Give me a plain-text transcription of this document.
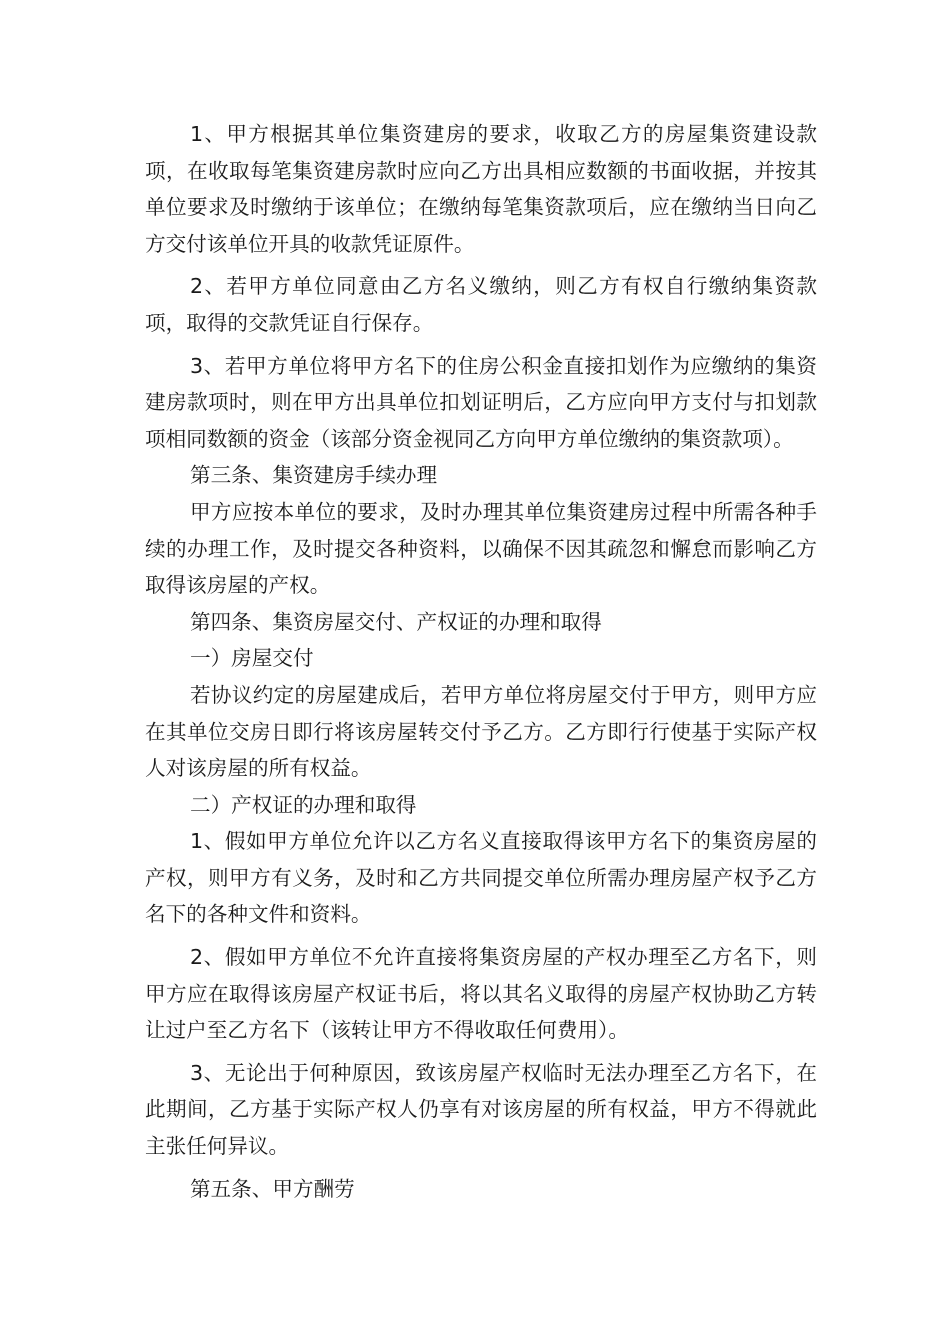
1、甲方根据其单位集资建房的要求，收取乙方的房屋集资建设款项，在收取每笔集资建房款时应向乙方出具相应数额的书面收据，并按其单位要求及时缴纳于该单位；在缴纳每笔集资款项后，应在缴纳当日向乙方交付该单位开具的收款凭证原件。

2、若甲方单位同意由乙方名义缴纳，则乙方有权自行缴纳集资款项，取得的交款凭证自行保存。

3、若甲方单位将甲方名下的住房公积金直接扣划作为应缴纳的集资建房款项时，则在甲方出具单位扣划证明后，乙方应向甲方支付与扣划款项相同数额的资金（该部分资金视同乙方向甲方单位缴纳的集资款项）。

第三条、集资建房手续办理

甲方应按本单位的要求，及时办理其单位集资建房过程中所需各种手续的办理工作，及时提交各种资料，以确保不因其疏忽和懈怠而影响乙方取得该房屋的产权。

第四条、集资房屋交付、产权证的办理和取得

一）房屋交付

若协议约定的房屋建成后，若甲方单位将房屋交付于甲方，则甲方应在其单位交房日即行将该房屋转交付予乙方。乙方即行行使基于实际产权人对该房屋的所有权益。

二）产权证的办理和取得

1、假如甲方单位允许以乙方名义直接取得该甲方名下的集资房屋的产权，则甲方有义务，及时和乙方共同提交单位所需办理房屋产权予乙方名下的各种文件和资料。

2、假如甲方单位不允许直接将集资房屋的产权办理至乙方名下，则甲方应在取得该房屋产权证书后，将以其名义取得的房屋产权协助乙方转让过户至乙方名下（该转让甲方不得收取任何费用）。

3、无论出于何种原因，致该房屋产权临时无法办理至乙方名下，在此期间，乙方基于实际产权人仍享有对该房屋的所有权益，甲方不得就此主张任何异议。

第五条、甲方酬劳
